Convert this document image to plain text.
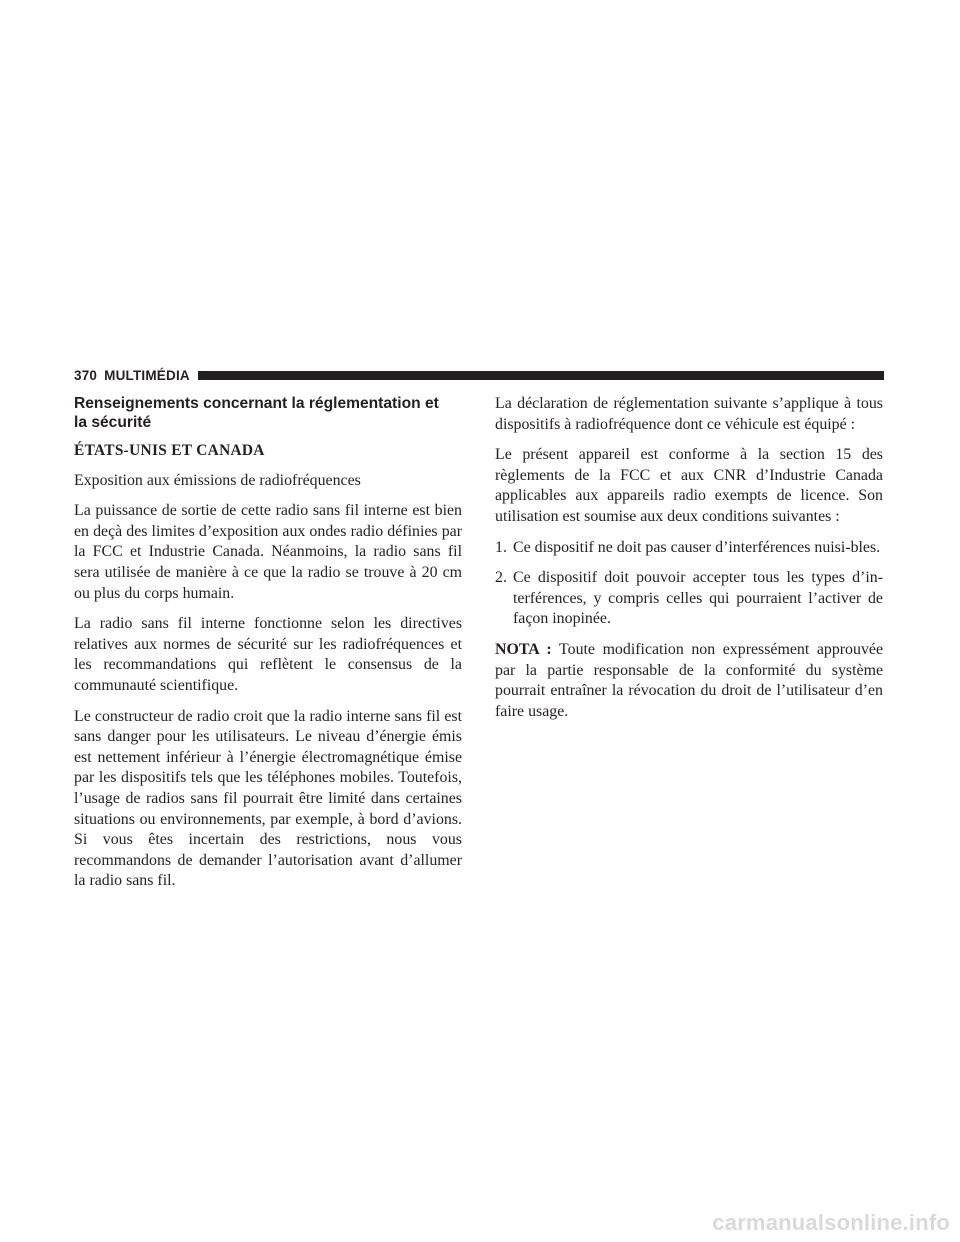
370 MULTIMÉDIA
Renseignements concernant la réglementation et
la sécurité
ÉTATS-UNIS ET CANADA

Exposition aux émissions de radiofréquences

La puissance de sortie de cette radio sans fil interne est bien en deçà des limites d’exposition aux ondes radio définies par la FCC et Industrie Canada. Néanmoins, la radio sans fil sera utilisée de manière à ce que la radio se trouve à 20 cm ou plus du corps humain.

La radio sans fil interne fonctionne selon les directives relatives aux normes de sécurité sur les radiofréquences et les recommandations qui reflètent le consensus de la communauté scientifique.

Le constructeur de radio croit que la radio interne sans fil est sans danger pour les utilisateurs. Le niveau d’énergie émis est nettement inférieur à l’énergie électromagnétique émise par les dispositifs tels que les téléphones mobiles. Toutefois, l’usage de radios sans fil pourrait être limité dans certaines situations ou environnements, par exemple, à bord d’avions. Si vous êtes incertain des restrictions, nous vous recommandons de demander l’autorisation avant d’allumer la radio sans fil.

La déclaration de réglementation suivante s’applique à tous dispositifs à radiofréquence dont ce véhicule est équipé :

Le présent appareil est conforme à la section 15 des règlements de la FCC et aux CNR d’Industrie Canada applicables aux appareils radio exempts de licence. Son utilisation est soumise aux deux conditions suivantes :

1. Ce dispositif ne doit pas causer d’interférences nuisi-bles.
2. Ce dispositif doit pouvoir accepter tous les types d’in-terférences, y compris celles qui pourraient l’activer de façon inopinée.

NOTA : Toute modification non expressément approuvée par la partie responsable de la conformité du système pourrait entraîner la révocation du droit de l’utilisateur d’en faire usage.

carmanualsonline.info
